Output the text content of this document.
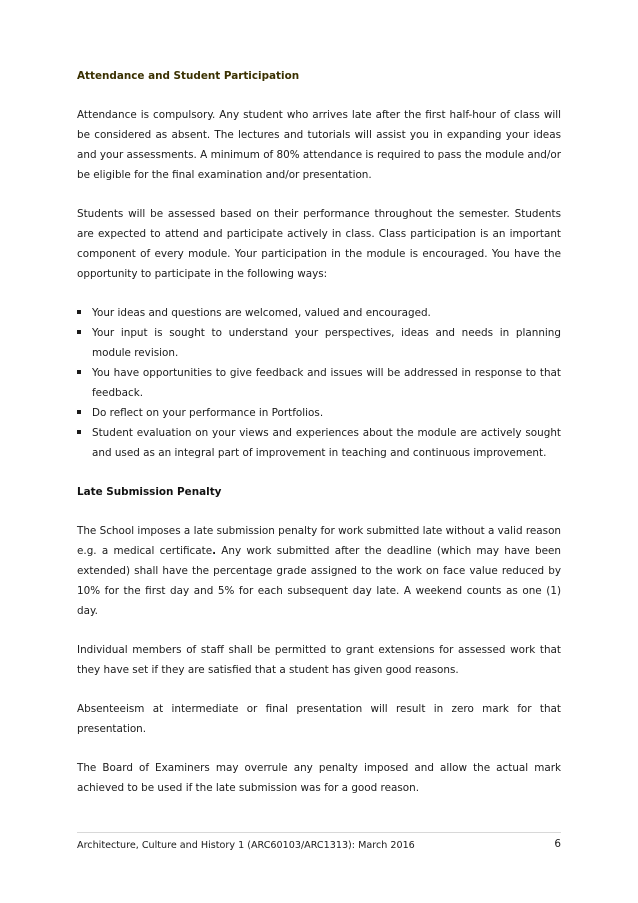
Attendance and Student Participation

Attendance is compulsory. Any student who arrives late after the first half-hour of class will be considered as absent. The lectures and tutorials will assist you in expanding your ideas and your assessments. A minimum of 80% attendance is required to pass the module and/or be eligible for the final examination and/or presentation.

Students will be assessed based on their performance throughout the semester. Students are expected to attend and participate actively in class. Class participation is an important component of every module. Your participation in the module is encouraged. You have the opportunity to participate in the following ways:

Your ideas and questions are welcomed, valued and encouraged.
Your input is sought to understand your perspectives, ideas and needs in planning module revision.
You have opportunities to give feedback and issues will be addressed in response to that feedback.
Do reflect on your performance in Portfolios.
Student evaluation on your views and experiences about the module are actively sought and used as an integral part of improvement in teaching and continuous improvement.
Late Submission Penalty

The School imposes a late submission penalty for work submitted late without a valid reason e.g. a medical certificate. Any work submitted after the deadline (which may have been extended) shall have the percentage grade assigned to the work on face value reduced by 10% for the first day and 5% for each subsequent day late. A weekend counts as one (1) day.

Individual members of staff shall be permitted to grant extensions for assessed work that they have set if they are satisfied that a student has given good reasons.

Absenteeism at intermediate or final presentation will result in zero mark for that presentation.

The Board of Examiners may overrule any penalty imposed and allow the actual mark achieved to be used if the late submission was for a good reason.

Architecture, Culture and History 1 (ARC60103/ARC1313): March 2016	6
